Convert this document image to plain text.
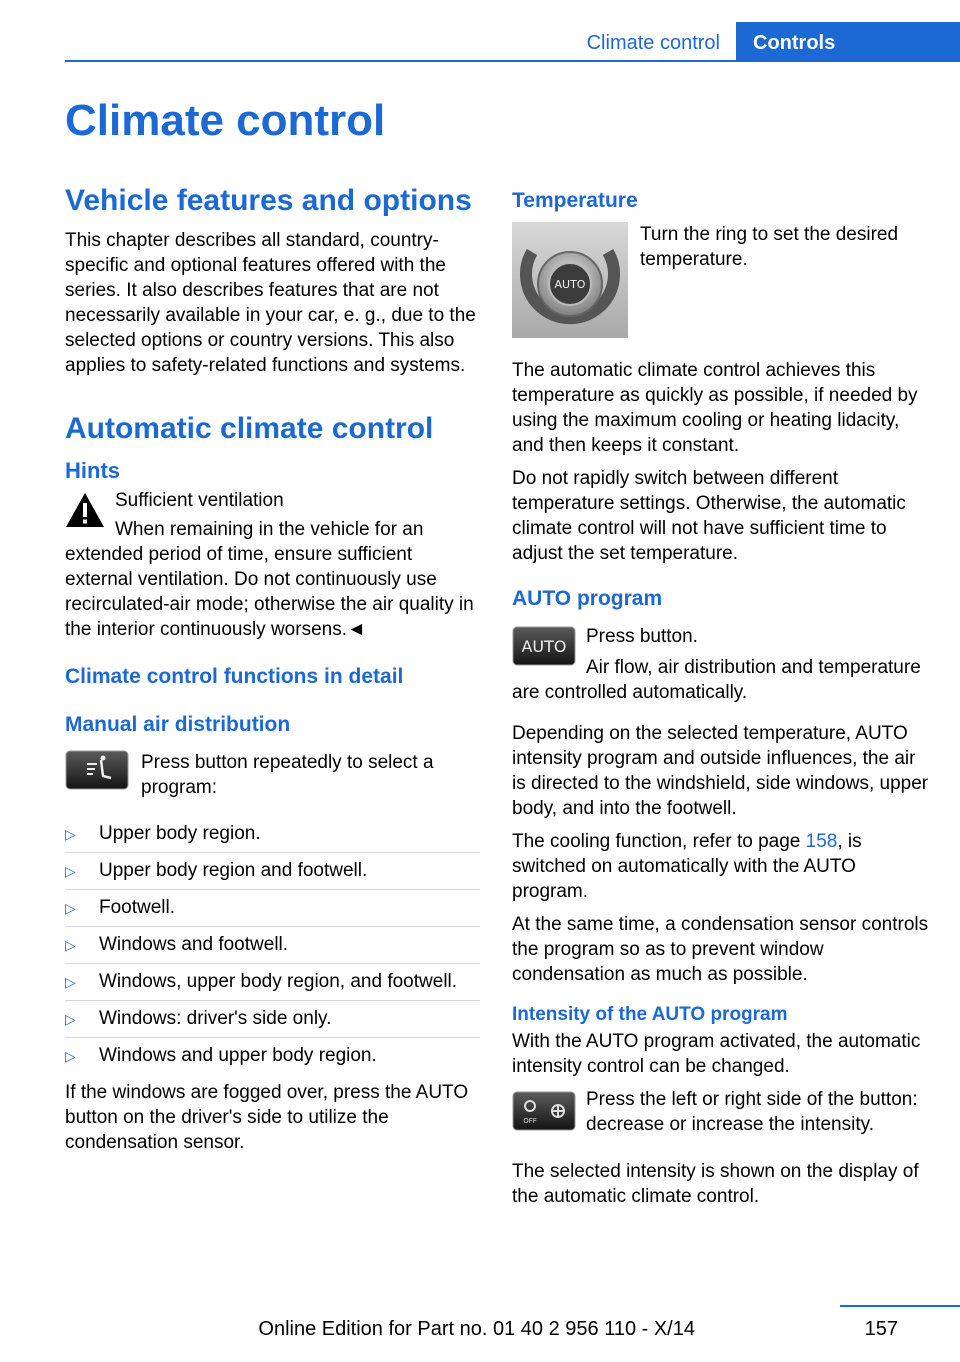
Climate control	Controls
Climate control
Vehicle features and options

This chapter describes all standard, country-specific and optional features offered with the series. It also describes features that are not necessarily available in your car, e. g., due to the selected options or country versions. This also applies to safety-related functions and systems.

Automatic climate control
Hints

Sufficient ventilation

When remaining in the vehicle for an extended period of time, ensure sufficient external ventilation. Do not continuously use recirculated-air mode; otherwise the air quality in the interior continuously worsens.◄

Climate control functions in detail
Manual air distribution

Press button repeatedly to select a program:

▷ Upper body region.
▷ Upper body region and footwell.
▷ Footwell.
▷ Windows and footwell.
▷ Windows, upper body region, and footwell.
▷ Windows: driver's side only.
▷ Windows and upper body region.

If the windows are fogged over, press the AUTO button on the driver's side to utilize the condensation sensor.

Temperature
AUTO

Turn the ring to set the desired temperature.

The automatic climate control achieves this temperature as quickly as possible, if needed by using the maximum cooling or heating lidacity, and then keeps it constant.

Do not rapidly switch between different temperature settings. Otherwise, the automatic climate control will not have sufficient time to adjust the set temperature.

AUTO program
AUTO	Press button.

Air flow, air distribution and temperature are controlled automatically.

Depending on the selected temperature, AUTO intensity program and outside influences, the air is directed to the windshield, side windows, upper body, and into the footwell.

The cooling function, refer to page 158, is switched on automatically with the AUTO program.

At the same time, a condensation sensor controls the program so as to prevent window condensation as much as possible.

Intensity of the AUTO program

With the AUTO program activated, the automatic intensity control can be changed.

OFF

Press the left or right side of the button: decrease or increase the intensity.

The selected intensity is shown on the display of the automatic climate control.

157
Online Edition for Part no. 01 40 2 956 110 - X/14
